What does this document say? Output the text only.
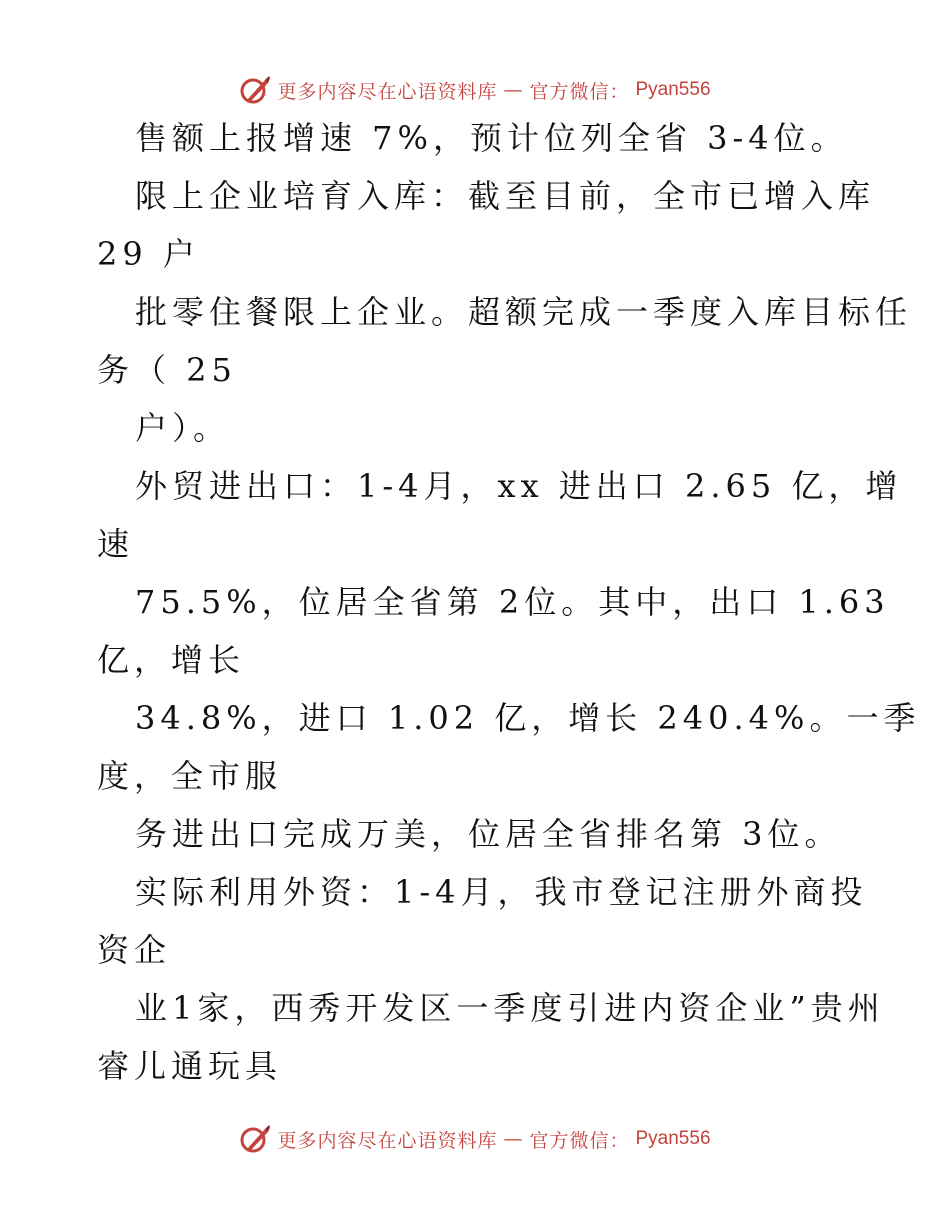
更多内容尽在心语资料库 — 官方微信： Pyan556
售额上报增速 7%，预计位列全省 3-4位。
限上企业培育入库：截至目前，全市已增入库
29 户
批零住餐限上企业。超额完成一季度入库目标任
务（ 25
户）。
外贸进出口：1-4月，xx 进出口 2.65 亿，增
速
75.5%，位居全省第 2位。其中，出口 1.63
亿，增长
34.8%，进口 1.02 亿，增长 240.4%。一季
度，全市服
务进出口完成万美，位居全省排名第 3位。
实际利用外资：1-4月，我市登记注册外商投
资企
业1家，西秀开发区一季度引进内资企业”贵州
睿儿通玩具
更多内容尽在心语资料库 — 官方微信： Pyan556
